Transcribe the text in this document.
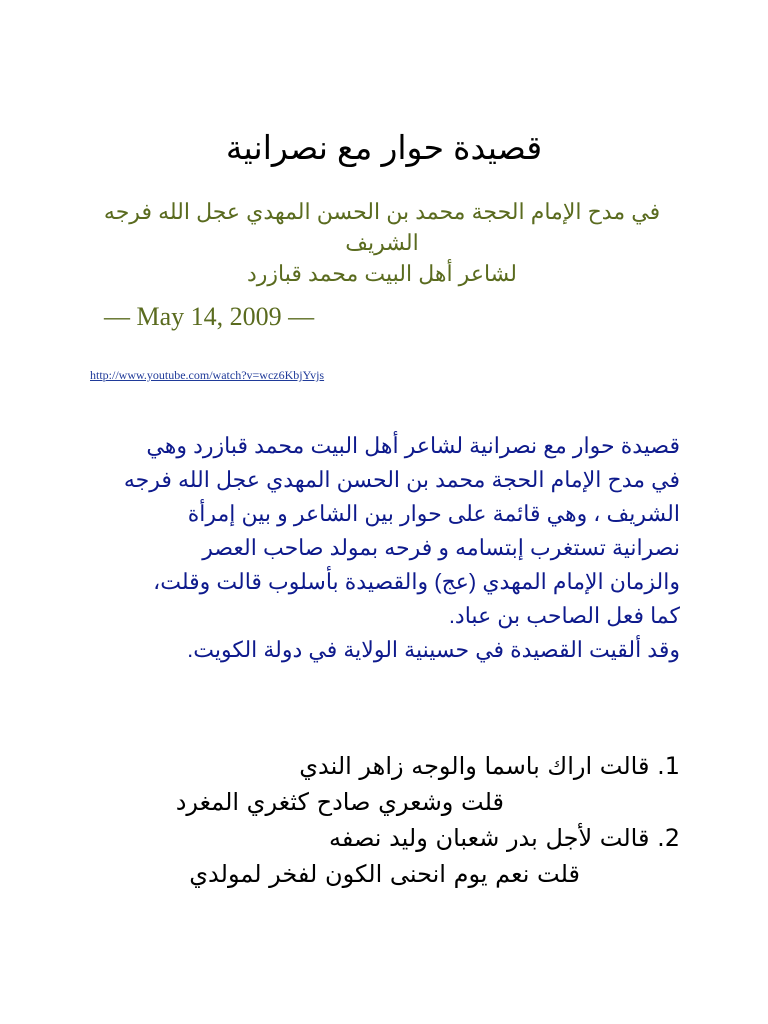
قصيدة حوار مع نصرانية
في مدح الإمام الحجة محمد بن الحسن المهدي عجل الله فرجه
الشريف
لشاعر أهل البيت محمد قبازرد
— May 14, 2009 —
http://www.youtube.com/watch?v=wcz6KbjYvjs
قصيدة حوار مع نصرانية لشاعر أهل البيت محمد قبازرد وهي
في مدح الإمام الحجة محمد بن الحسن المهدي عجل الله فرجه
الشريف ، وهي قائمة على حوار بين الشاعر و بين إمرأة
نصرانية تستغرب إبتسامه و فرحه بمولد صاحب العصر
والزمان الإمام المهدي (عج) والقصيدة بأسلوب قالت وقلت،
كما فعل الصاحب بن عباد.
وقد ألقيت القصيدة في حسينية الولاية في دولة الكويت.
1. قالت اراك باسما والوجه زاهر الندي
قلت وشعري صادح كثغري المغرد
2. قالت لأجل بدر شعبان وليد نصفه
قلت نعم يوم انحنى الكون لفخر لمولدي
